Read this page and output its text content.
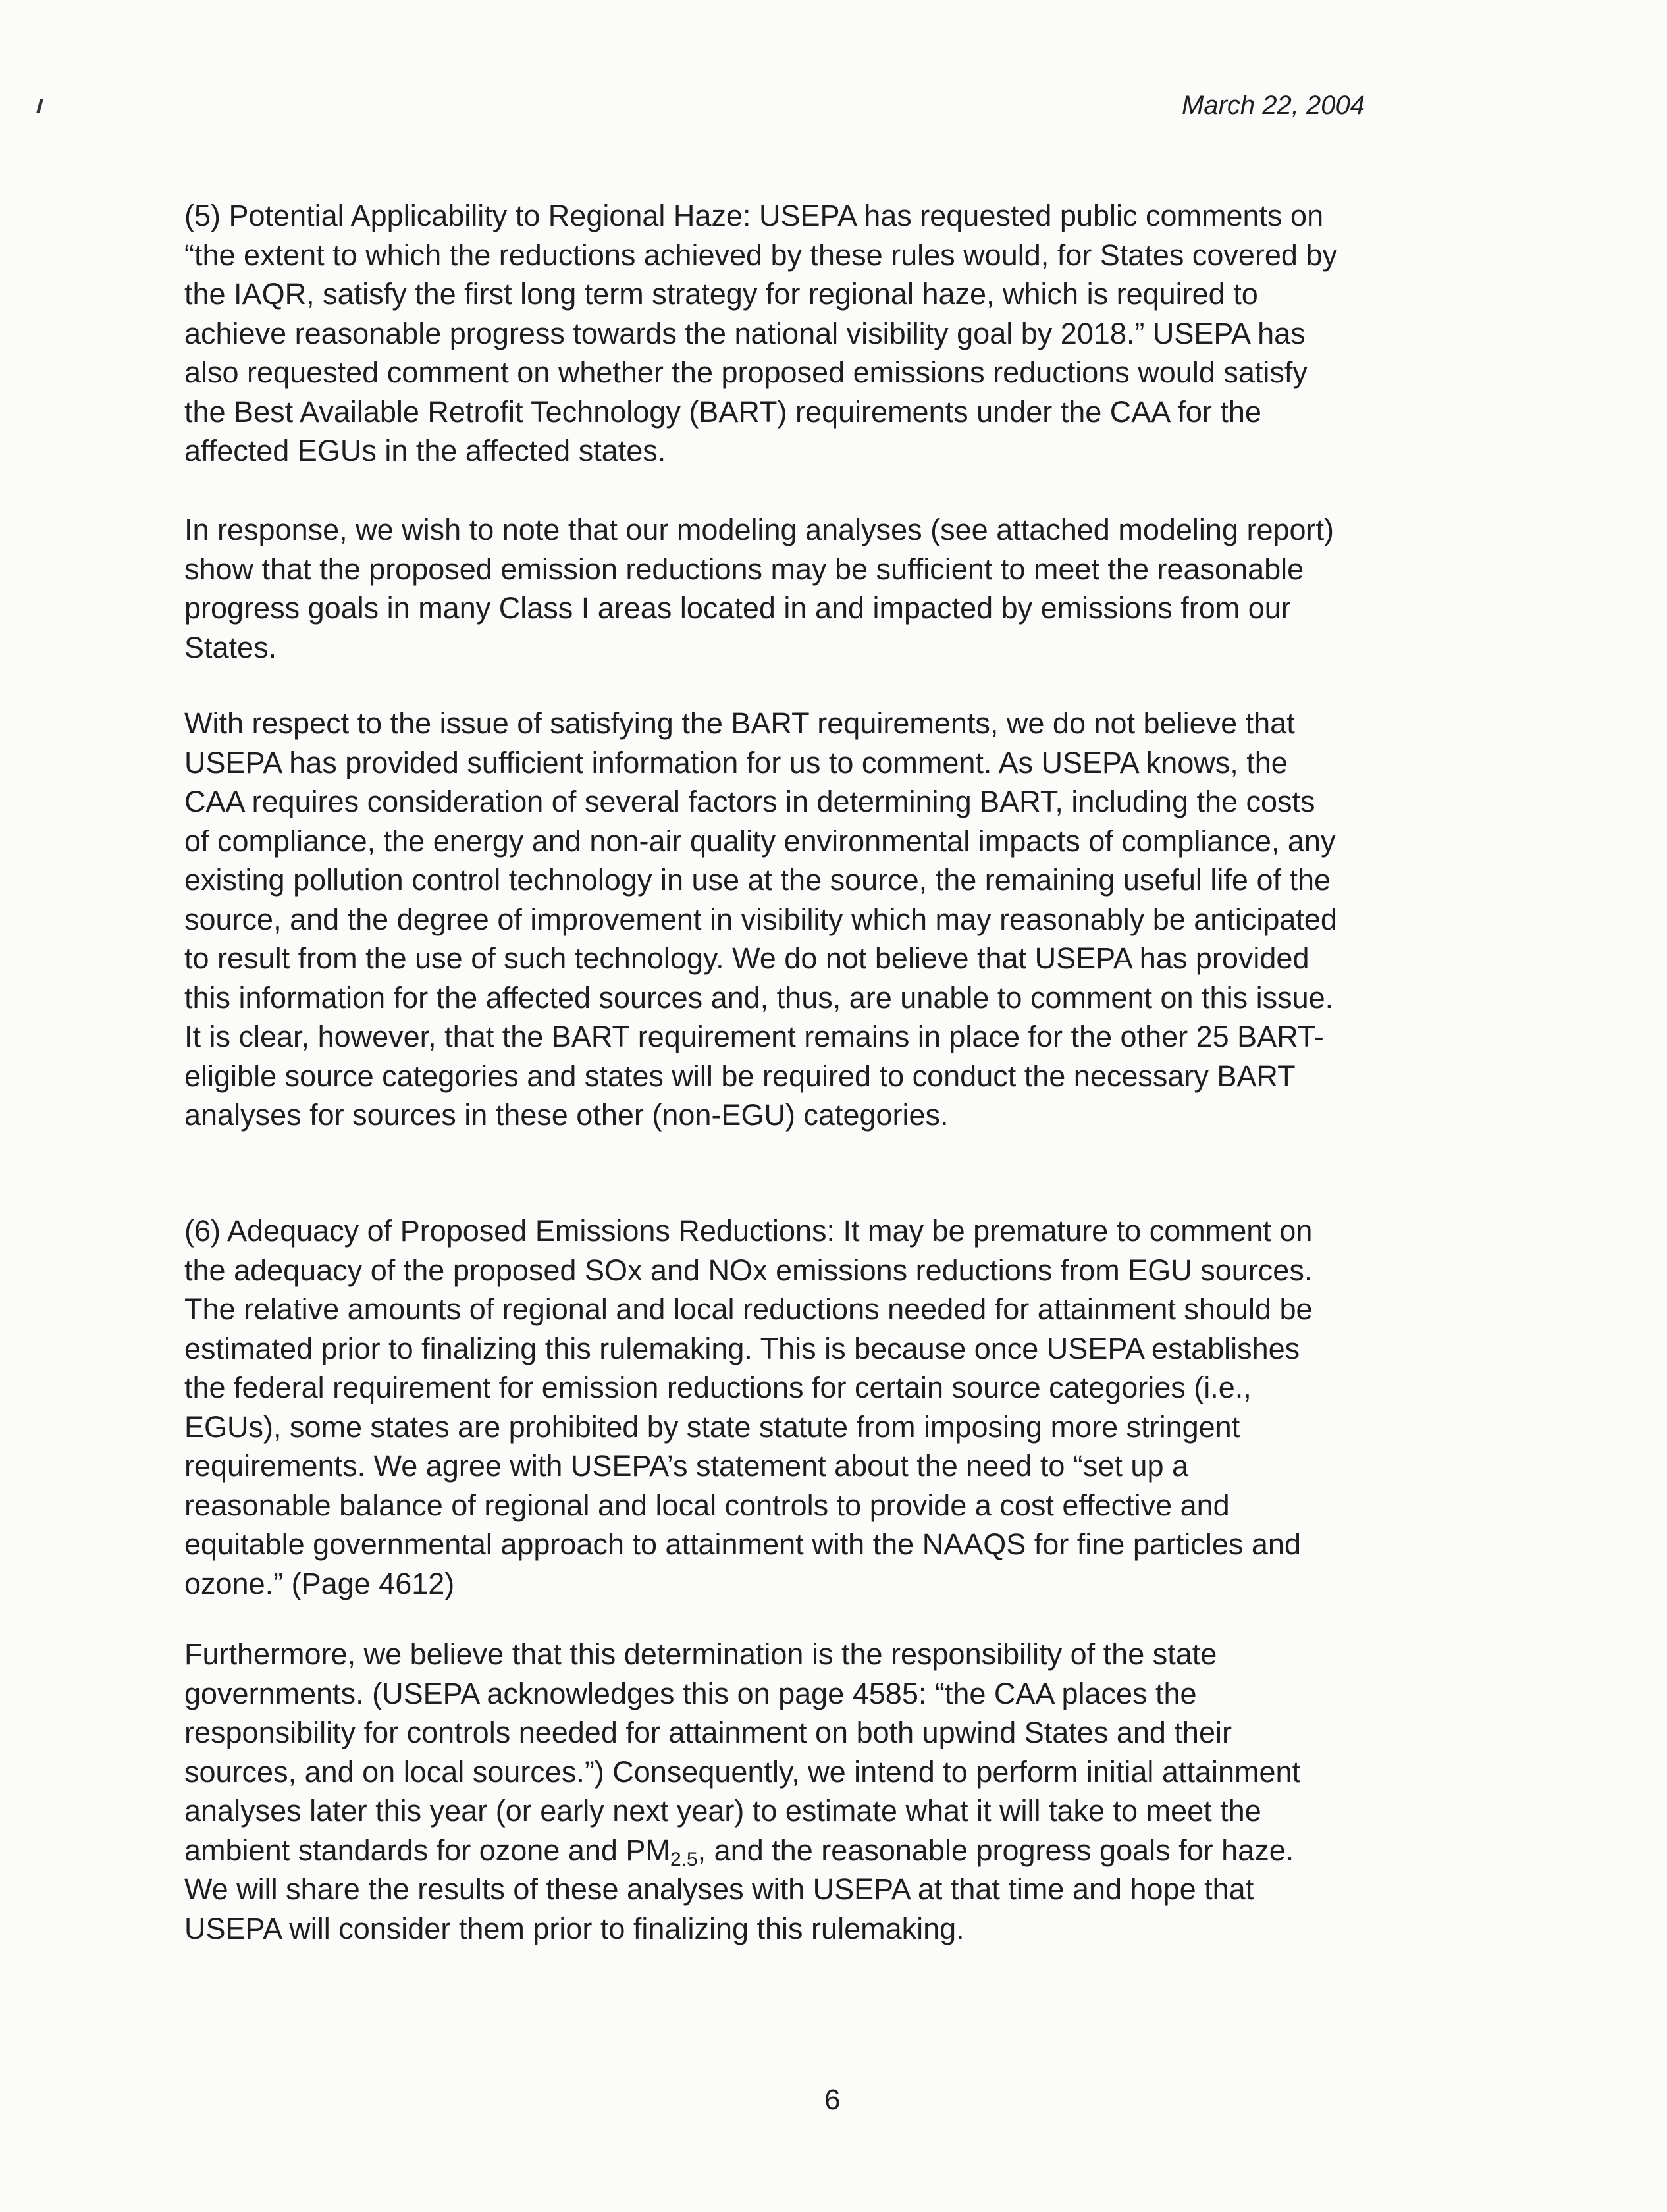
March 22, 2004
(5) Potential Applicability to Regional Haze: USEPA has requested public comments on
“the extent to which the reductions achieved by these rules would, for States covered by
the IAQR, satisfy the first long term strategy for regional haze, which is required to
achieve reasonable progress towards the national visibility goal by 2018.” USEPA has
also requested comment on whether the proposed emissions reductions would satisfy
the Best Available Retrofit Technology (BART) requirements under the CAA for the
affected EGUs in the affected states.
In response, we wish to note that our modeling analyses (see attached modeling report)
show that the proposed emission reductions may be sufficient to meet the reasonable
progress goals in many Class I areas located in and impacted by emissions from our
States.
With respect to the issue of satisfying the BART requirements, we do not believe that
USEPA has provided sufficient information for us to comment. As USEPA knows, the
CAA requires consideration of several factors in determining BART, including the costs
of compliance, the energy and non-air quality environmental impacts of compliance, any
existing pollution control technology in use at the source, the remaining useful life of the
source, and the degree of improvement in visibility which may reasonably be anticipated
to result from the use of such technology. We do not believe that USEPA has provided
this information for the affected sources and, thus, are unable to comment on this issue.
It is clear, however, that the BART requirement remains in place for the other 25 BART-
eligible source categories and states will be required to conduct the necessary BART
analyses for sources in these other (non-EGU) categories.
(6) Adequacy of Proposed Emissions Reductions: It may be premature to comment on
the adequacy of the proposed SOx and NOx emissions reductions from EGU sources.
The relative amounts of regional and local reductions needed for attainment should be
estimated prior to finalizing this rulemaking. This is because once USEPA establishes
the federal requirement for emission reductions for certain source categories (i.e.,
EGUs), some states are prohibited by state statute from imposing more stringent
requirements. We agree with USEPA’s statement about the need to “set up a
reasonable balance of regional and local controls to provide a cost effective and
equitable governmental approach to attainment with the NAAQS for fine particles and
ozone.” (Page 4612)
Furthermore, we believe that this determination is the responsibility of the state
governments. (USEPA acknowledges this on page 4585: “the CAA places the
responsibility for controls needed for attainment on both upwind States and their
sources, and on local sources.”) Consequently, we intend to perform initial attainment
analyses later this year (or early next year) to estimate what it will take to meet the
ambient standards for ozone and $PM_{2.5}$, and the reasonable progress goals for haze.
We will share the results of these analyses with USEPA at that time and hope that
USEPA will consider them prior to finalizing this rulemaking.
6
